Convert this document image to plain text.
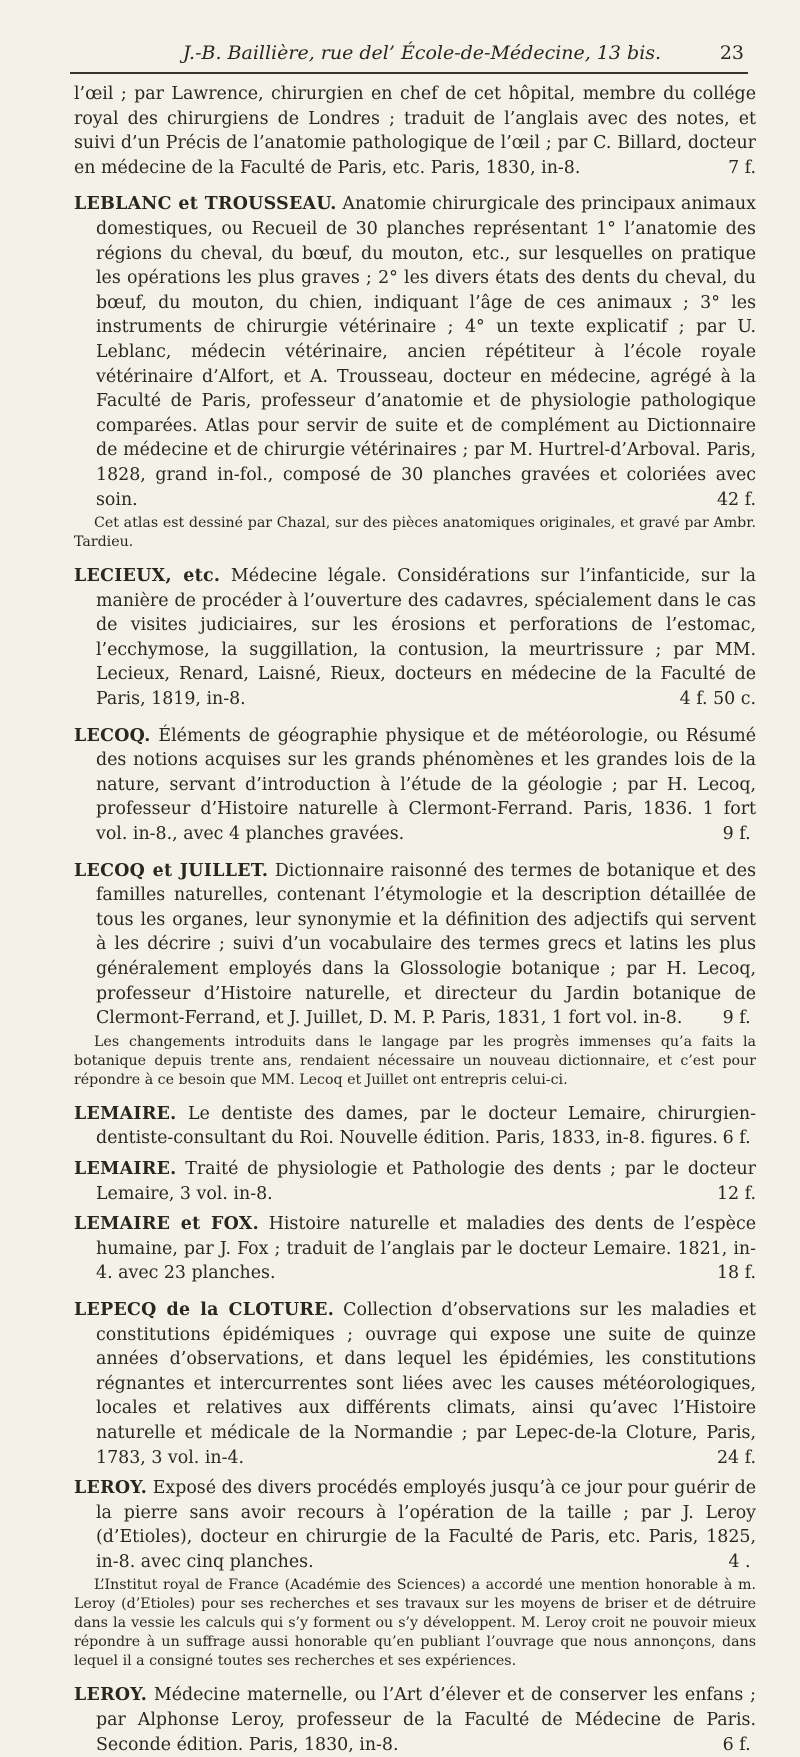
J.-B. Baillière, rue del’ École-de-Médecine, 13 bis.	23

l’œil ; par Lawrence, chirurgien en chef de cet hôpital, membre du collége royal des chirurgiens de Londres ; traduit de l’anglais avec des notes, et suivi d’un Précis de l’anatomie pathologique de l’œil ; par C. Billard, docteur en médecine de la Faculté de Paris, etc. Paris, 1830, in-8.	7 f.

LEBLANC et TROUSSEAU. Anatomie chirurgicale des principaux animaux domestiques, ou Recueil de 30 planches représentant 1° l’anatomie des régions du cheval, du bœuf, du mouton, etc., sur lesquelles on pratique les opérations les plus graves ; 2° les divers états des dents du cheval, du bœuf, du mouton, du chien, indiquant l’âge de ces animaux ; 3° les instruments de chirurgie vétérinaire ; 4° un texte explicatif ; par U. Leblanc, médecin vétérinaire, ancien répétiteur à l’école royale vétérinaire d’Alfort, et A. Trousseau, docteur en médecine, agrégé à la Faculté de Paris, professeur d’anatomie et de physiologie pathologique comparées. Atlas pour servir de suite et de complément au Dictionnaire de médecine et de chirurgie vétérinaires ; par M. Hurtrel-d’Arboval. Paris, 1828, grand in-fol., composé de 30 planches gravées et coloriées avec soin.	42 f.

Cet atlas est dessiné par Chazal, sur des pièces anatomiques originales, et gravé par Ambr. Tardieu.

LECIEUX, etc. Médecine légale. Considérations sur l’infanticide, sur la manière de procéder à l’ouverture des cadavres, spécialement dans le cas de visites judiciaires, sur les érosions et perforations de l’estomac, l’ecchymose, la suggillation, la contusion, la meurtrissure ; par MM. Lecieux, Renard, Laisné, Rieux, docteurs en médecine de la Faculté de Paris, 1819, in-8.	4 f. 50 c.

LECOQ. Éléments de géographie physique et de météorologie, ou Résumé des notions acquises sur les grands phénomènes et les grandes lois de la nature, servant d’introduction à l’étude de la géologie ; par H. Lecoq, professeur d’Histoire naturelle à Clermont-Ferrand. Paris, 1836. 1 fort vol. in-8., avec 4 planches gravées.	9 f.

LECOQ et JUILLET. Dictionnaire raisonné des termes de botanique et des familles naturelles, contenant l’étymologie et la description détaillée de tous les organes, leur synonymie et la définition des adjectifs qui servent à les décrire ; suivi d’un vocabulaire des termes grecs et latins les plus généralement employés dans la Glossologie botanique ; par H. Lecoq, professeur d’Histoire naturelle, et directeur du Jardin botanique de Clermont-Ferrand, et J. Juillet, D. M. P. Paris, 1831, 1 fort vol. in-8. 9 f.

Les changements introduits dans le langage par les progrès immenses qu’a faits la botanique depuis trente ans, rendaient nécessaire un nouveau dictionnaire, et c’est pour répondre à ce besoin que MM. Lecoq et Juillet ont entrepris celui-ci.

LEMAIRE. Le dentiste des dames, par le docteur Lemaire, chirurgien-dentiste-consultant du Roi. Nouvelle édition. Paris, 1833, in-8. figures. 6 f.

LEMAIRE. Traité de physiologie et Pathologie des dents ; par le docteur Lemaire, 3 vol. in-8.	12 f.

LEMAIRE et FOX. Histoire naturelle et maladies des dents de l’espèce humaine, par J. Fox ; traduit de l’anglais par le docteur Lemaire. 1821, in-4. avec 23 planches.	18 f.

LEPECQ de la CLOTURE. Collection d’observations sur les maladies et constitutions épidémiques ; ouvrage qui expose une suite de quinze années d’observations, et dans lequel les épidémies, les constitutions régnantes et intercurrentes sont liées avec les causes météorologiques, locales et relatives aux différents climats, ainsi qu’avec l’Histoire naturelle et médicale de la Normandie ; par Lepec-de-la Cloture, Paris, 1783, 3 vol. in-4.	24 f.

LEROY. Exposé des divers procédés employés jusqu’à ce jour pour guérir de la pierre sans avoir recours à l’opération de la taille ; par J. Leroy (d’Etioles), docteur en chirurgie de la Faculté de Paris, etc. Paris, 1825, in-8. avec cinq planches.	4 .

L’Institut royal de France (Académie des Sciences) a accordé une mention honorable à m. Leroy (d’Etioles) pour ses recherches et ses travaux sur les moyens de briser et de détruire dans la vessie les calculs qui s’y forment ou s’y développent. M. Leroy croit ne pouvoir mieux répondre à un suffrage aussi honorable qu’en publiant l’ouvrage que nous annonçons, dans lequel il a consigné toutes ses recherches et ses expériences.

LEROY. Médecine maternelle, ou l’Art d’élever et de conserver les enfans ; par Alphonse Leroy, professeur de la Faculté de Médecine de Paris. Seconde édition. Paris, 1830, in-8.	6 f.
